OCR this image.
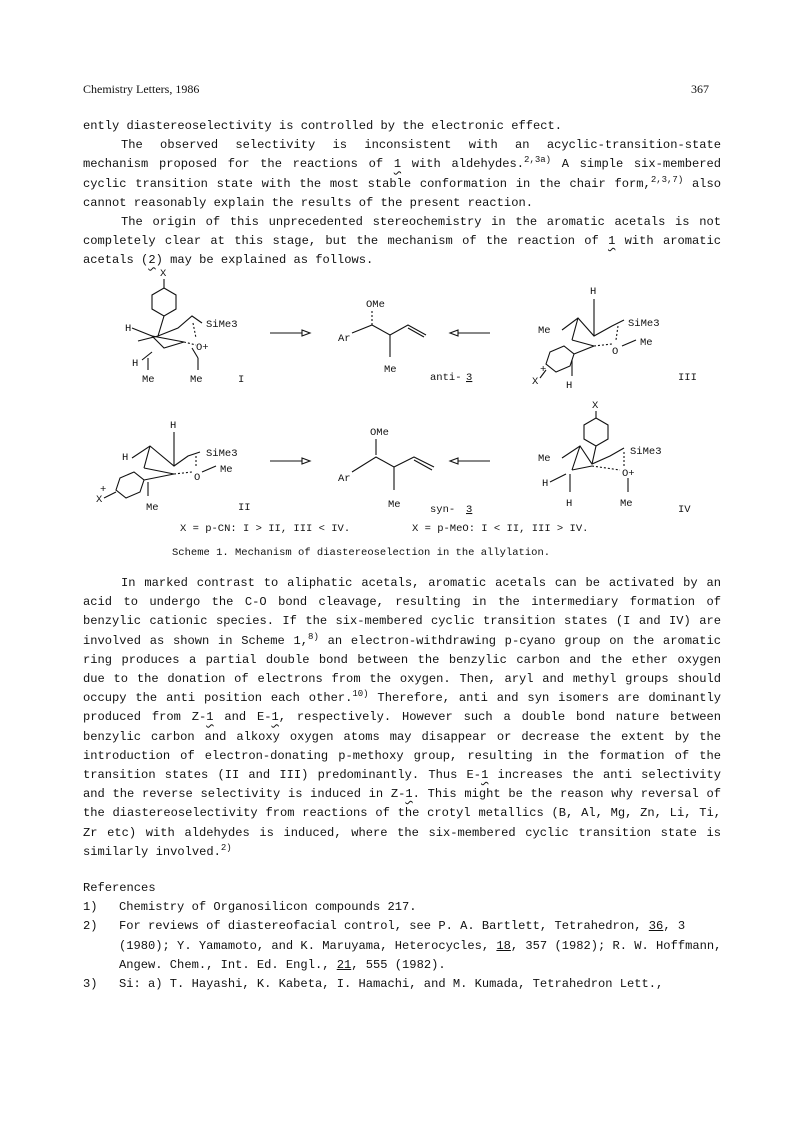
Chemistry Letters, 1986	367

ently diastereoselectivity is controlled by the electronic effect.

The observed selectivity is inconsistent with an acyclic-transition-state mechanism proposed for the reactions of 1 with aldehydes.$^{2,3a)}$ A simple six-membered cyclic transition state with the most stable conformation in the chair form,$^{2,3,7)}$ also cannot reasonably explain the results of the present reaction.

The origin of this unprecedented stereochemistry in the aromatic acetals is not completely clear at this stage, but the mechanism of the reaction of 1 with aromatic acetals (2) may be explained as follows.

X
SiMe3
H
O+
H
Me	Me	I
OMe
Ar
Me
anti- 3
H
Me
SiMe3
O
Me
H
+
X	III
H
H	SiMe3
O
Me
Me
+
X
II
OMe
Ar
Me	syn- 3
X
Me
SiMe3
O+
H
H	Me	IV
X = p-CN: I > II, III < IV.	X = p-MeO: I < II, III > IV.
Scheme 1. Mechanism of diastereoselection in the allylation.

In marked contrast to aliphatic acetals, aromatic acetals can be activated by an acid to undergo the C-O bond cleavage, resulting in the intermediary formation of benzylic cationic species. If the six-membered cyclic transition states (I and IV) are involved as shown in Scheme 1,$^{8)}$ an electron-withdrawing p-cyano group on the aromatic ring produces a partial double bond between the benzylic carbon and the ether oxygen due to the donation of electrons from the oxygen. Then, aryl and methyl groups should occupy the anti position each other.$^{10)}$ Therefore, anti and syn isomers are dominantly produced from Z-1 and E-1, respectively. However such a double bond nature between benzylic carbon and alkoxy oxygen atoms may disappear or decrease the extent by the introduction of electron-donating p-methoxy group, resulting in the formation of the transition states (II and III) predominantly. Thus E-1 increases the anti selectivity and the reverse selectivity is induced in Z-1. This might be the reason why reversal of the diastereoselectivity from reactions of the crotyl metallics (B, Al, Mg, Zn, Li, Ti, Zr etc) with aldehydes is induced, where the six-membered cyclic transition state is similarly involved.$^{2)}$

References
1)	Chemistry of Organosilicon compounds 217.
2)	For reviews of diastereofacial control, see P. A. Bartlett, Tetrahedron, 36, 3 (1980); Y. Yamamoto, and K. Maruyama, Heterocycles, 18, 357 (1982); R. W. Hoffmann, Angew. Chem., Int. Ed. Engl., 21, 555 (1982).
3)	Si: a) T. Hayashi, K. Kabeta, I. Hamachi, and M. Kumada, Tetrahedron Lett.,
